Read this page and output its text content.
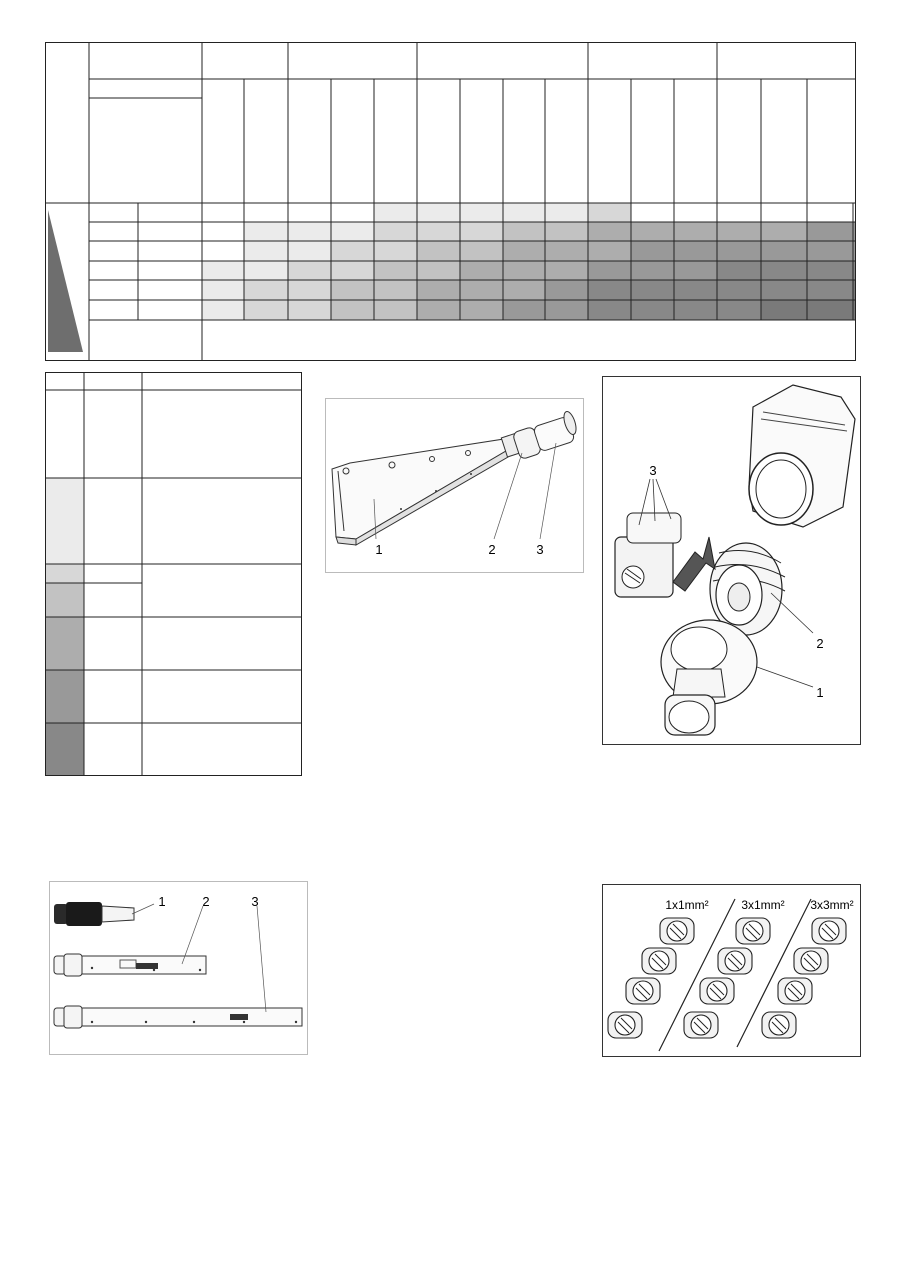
1	2	3
3
2
1
1	2	3	1x1mm²	3x1mm² 3x3mm²
